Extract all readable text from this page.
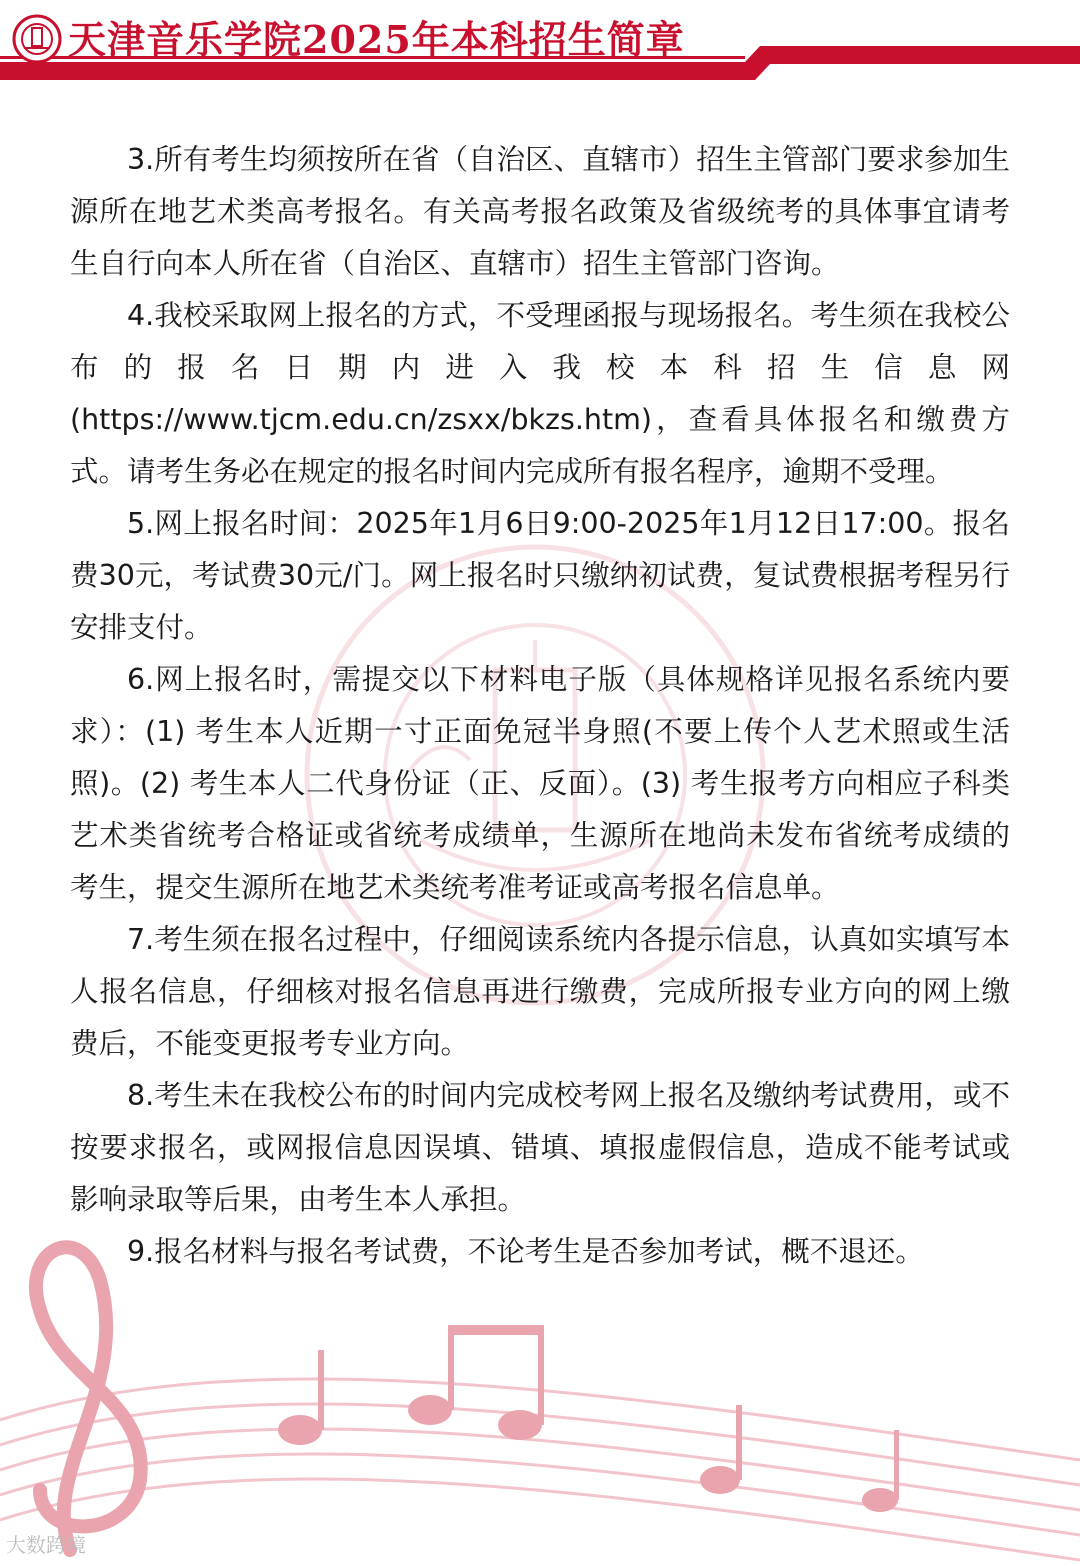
天津音乐学院2025年本科招生简章

3.所有考生均须按所在省（自治区、直辖市）招生主管部门要求参加生源所在地艺术类高考报名。有关高考报名政策及省级统考的具体事宜请考生自行向本人所在省（自治区、直辖市）招生主管部门咨询。

4.我校采取网上报名的方式，不受理函报与现场报名。考生须在我校公布的报名日期内进入我校本科招生信息网

(https://www.tjcm.edu.cn/zsxx/bkzs.htm)，查看具体报名和缴费方式。请考生务必在规定的报名时间内完成所有报名程序，逾期不受理。

5.网上报名时间：2025年1月6日9:00-2025年1月12日17:00。报名费30元，考试费30元/门。网上报名时只缴纳初试费，复试费根据考程另行安排支付。

6.网上报名时，需提交以下材料电子版（具体规格详见报名系统内要求）：(1) 考生本人近期一寸正面免冠半身照(不要上传个人艺术照或生活照)。(2) 考生本人二代身份证（正、反面）。(3) 考生报考方向相应子科类艺术类省统考合格证或省统考成绩单，生源所在地尚未发布省统考成绩的考生，提交生源所在地艺术类统考准考证或高考报名信息单。

7.考生须在报名过程中，仔细阅读系统内各提示信息，认真如实填写本人报名信息，仔细核对报名信息再进行缴费，完成所报专业方向的网上缴费后，不能变更报考专业方向。

8.考生未在我校公布的时间内完成校考网上报名及缴纳考试费用，或不按要求报名，或网报信息因误填、错填、填报虚假信息，造成不能考试或影响录取等后果，由考生本人承担。

9.报名材料与报名考试费，不论考生是否参加考试，概不退还。

大数跨境
